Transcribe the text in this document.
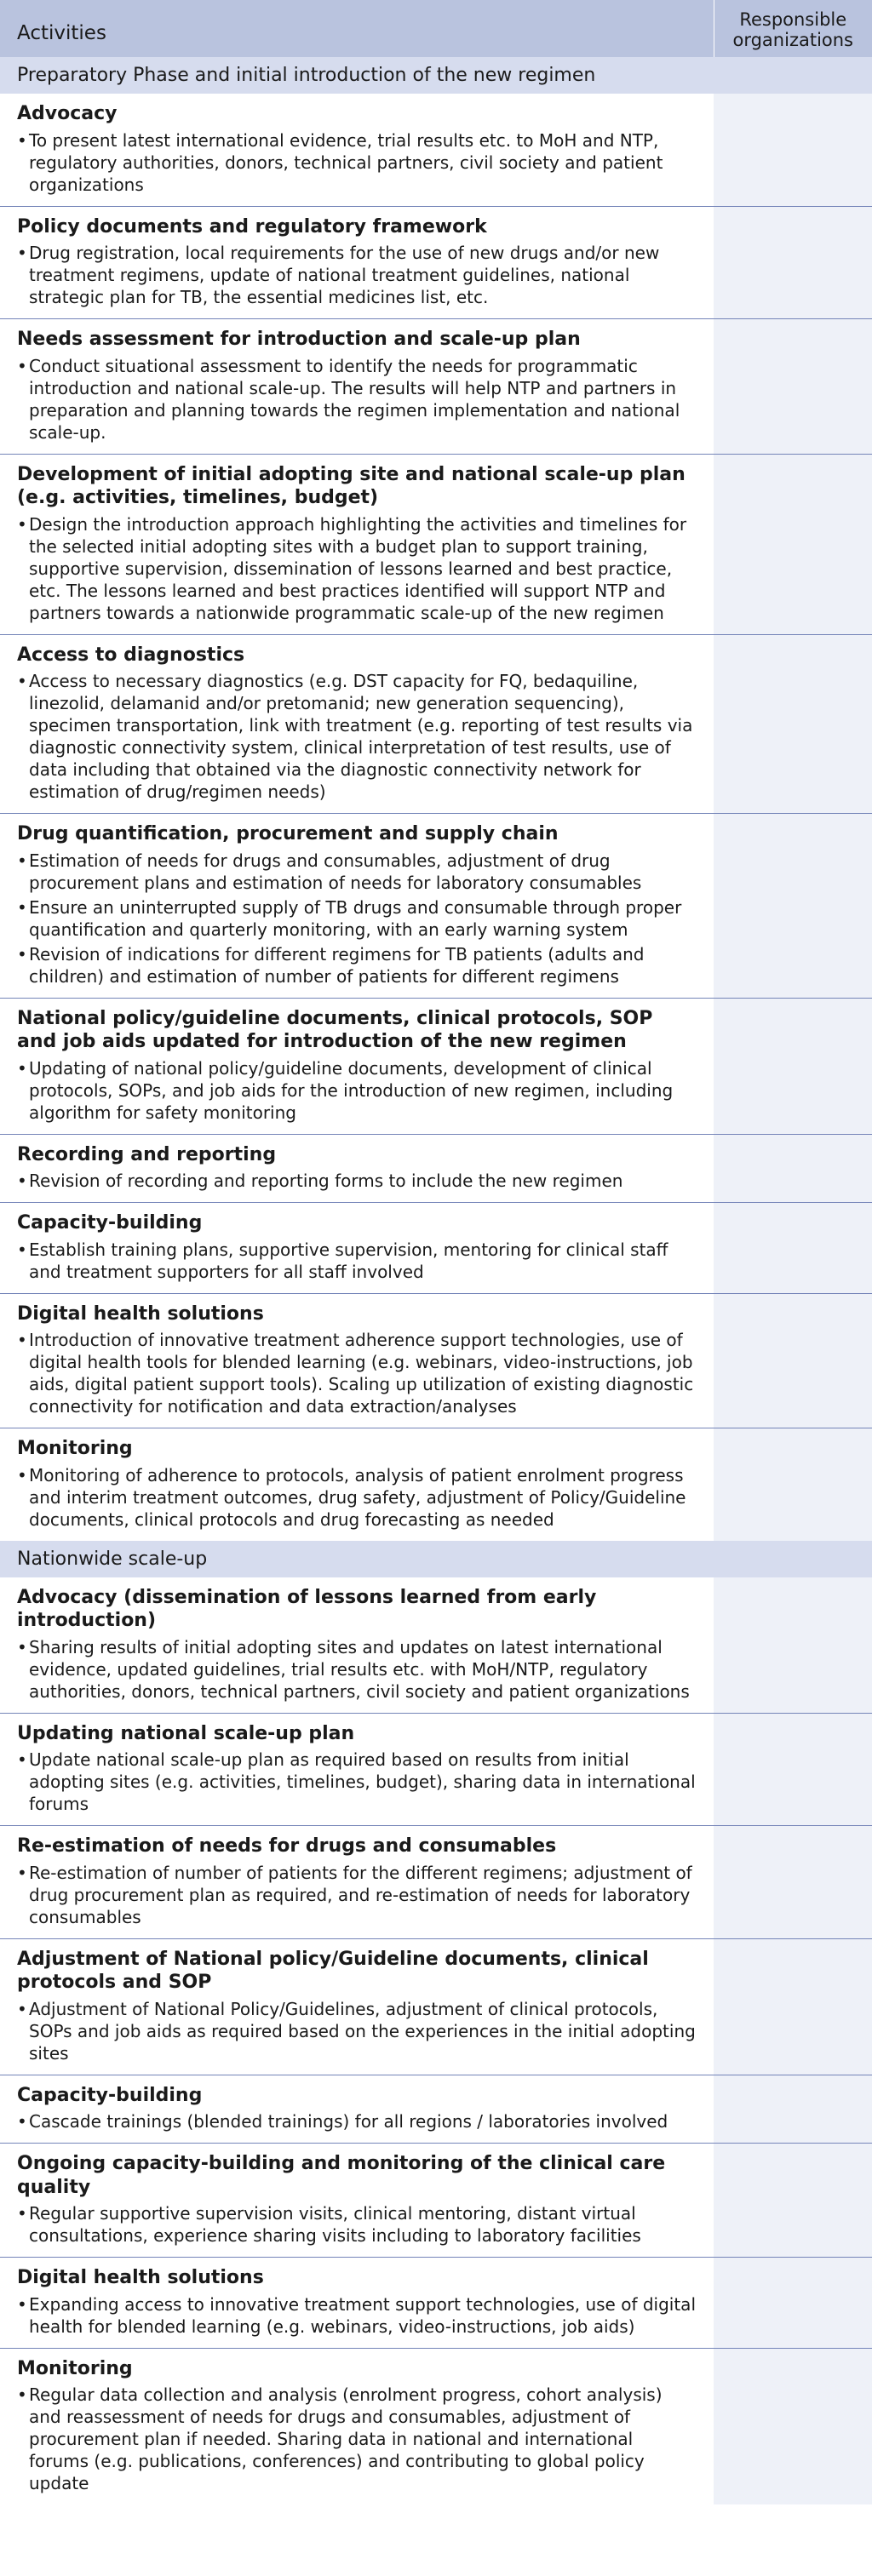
Activities	Responsible organizations
Preparatory Phase and initial introduction of the new regimen	

Advocacy
• To present latest international evidence, trial results etc. to MoH and NTP, regulatory authorities, donors, technical partners, civil society and patient organizations

Policy documents and regulatory framework
• Drug registration, local requirements for the use of new drugs and/or new treatment regimens, update of national treatment guidelines, national strategic plan for TB, the essential medicines list, etc.

Needs assessment for introduction and scale-up plan
• Conduct situational assessment to identify the needs for programmatic introduction and national scale-up. The results will help NTP and partners in preparation and planning towards the regimen implementation and national scale-up.

Development of initial adopting site and national scale-up plan (e.g. activities, timelines, budget)
• Design the introduction approach highlighting the activities and timelines for the selected initial adopting sites with a budget plan to support training, supportive supervision, dissemination of lessons learned and best practice, etc. The lessons learned and best practices identified will support NTP and partners towards a nationwide programmatic scale-up of the new regimen

Access to diagnostics
• Access to necessary diagnostics (e.g. DST capacity for FQ, bedaquiline, linezolid, delamanid and/or pretomanid; new generation sequencing), specimen transportation, link with treatment (e.g. reporting of test results via diagnostic connectivity system, clinical interpretation of test results, use of data including that obtained via the diagnostic connectivity network for estimation of drug/regimen needs)

Drug quantification, procurement and supply chain
• Estimation of needs for drugs and consumables, adjustment of drug procurement plans and estimation of needs for laboratory consumables
• Ensure an uninterrupted supply of TB drugs and consumable through proper quantification and quarterly monitoring, with an early warning system
• Revision of indications for different regimens for TB patients (adults and children) and estimation of number of patients for different regimens

National policy/guideline documents, clinical protocols, SOP and job aids updated for introduction of the new regimen
• Updating of national policy/guideline documents, development of clinical protocols, SOPs, and job aids for the introduction of new regimen, including algorithm for safety monitoring

Recording and reporting
• Revision of recording and reporting forms to include the new regimen

Capacity-building
• Establish training plans, supportive supervision, mentoring for clinical staff and treatment supporters for all staff involved

Digital health solutions
• Introduction of innovative treatment adherence support technologies, use of digital health tools for blended learning (e.g. webinars, video-instructions, job aids, digital patient support tools). Scaling up utilization of existing diagnostic connectivity for notification and data extraction/analyses

Monitoring
• Monitoring of adherence to protocols, analysis of patient enrolment progress and interim treatment outcomes, drug safety, adjustment of Policy/Guideline documents, clinical protocols and drug forecasting as needed

Nationwide scale-up	

Advocacy (dissemination of lessons learned from early introduction)
• Sharing results of initial adopting sites and updates on latest international evidence, updated guidelines, trial results etc. with MoH/NTP, regulatory authorities, donors, technical partners, civil society and patient organizations

Updating national scale-up plan
• Update national scale-up plan as required based on results from initial adopting sites (e.g. activities, timelines, budget), sharing data in international forums

Re-estimation of needs for drugs and consumables
• Re-estimation of number of patients for the different regimens; adjustment of drug procurement plan as required, and re-estimation of needs for laboratory consumables

Adjustment of National policy/Guideline documents, clinical protocols and SOP
• Adjustment of National Policy/Guidelines, adjustment of clinical protocols, SOPs and job aids as required based on the experiences in the initial adopting sites

Capacity-building
• Cascade trainings (blended trainings) for all regions / laboratories involved

Ongoing capacity-building and monitoring of the clinical care quality
• Regular supportive supervision visits, clinical mentoring, distant virtual consultations, experience sharing visits including to laboratory facilities

Digital health solutions
• Expanding access to innovative treatment support technologies, use of digital health for blended learning (e.g. webinars, video-instructions, job aids)

Monitoring
• Regular data collection and analysis (enrolment progress, cohort analysis) and reassessment of needs for drugs and consumables, adjustment of procurement plan if needed. Sharing data in national and international forums (e.g. publications, conferences) and contributing to global policy update
